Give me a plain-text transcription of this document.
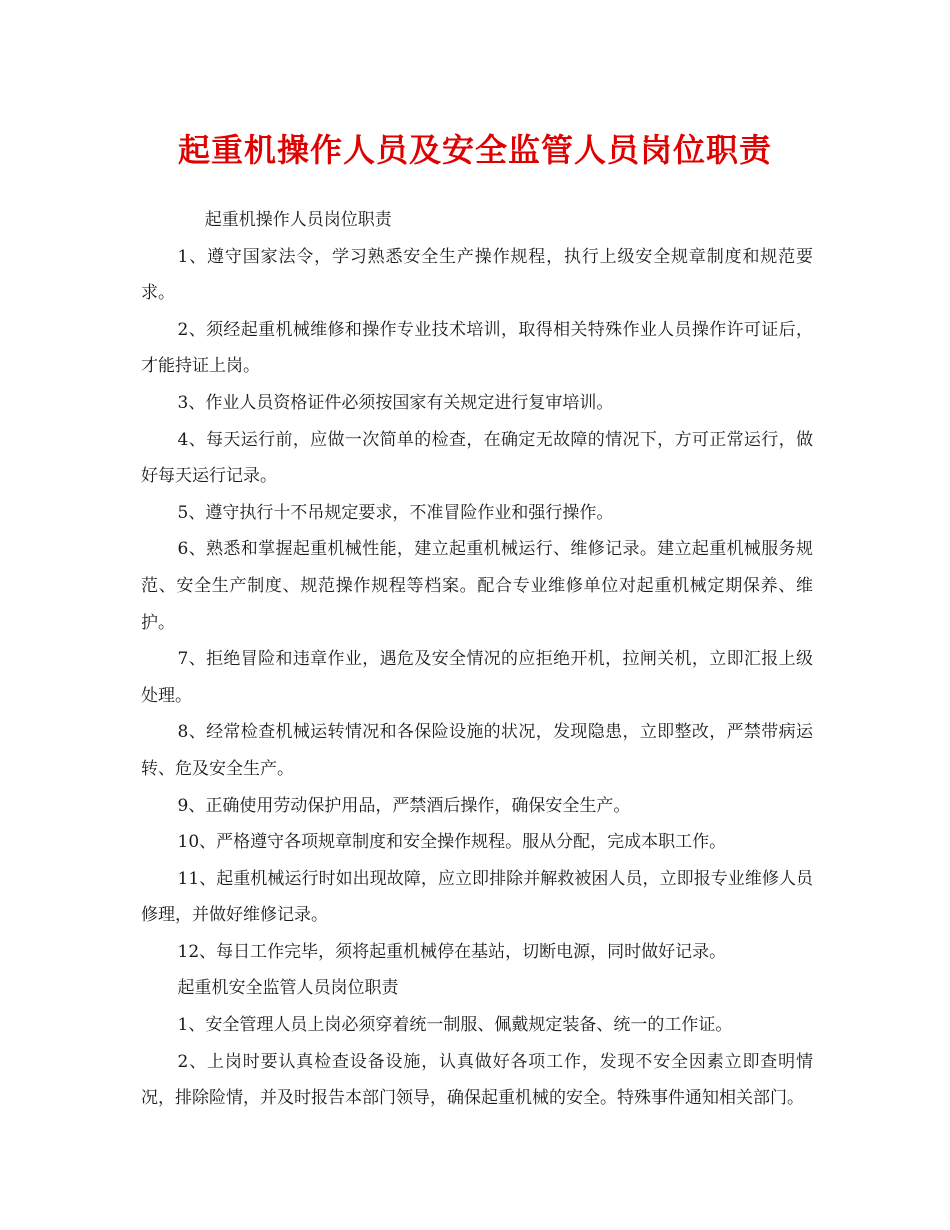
起重机操作人员及安全监管人员岗位职责

起重机操作人员岗位职责

1、遵守国家法令，学习熟悉安全生产操作规程，执行上级安全规章制度和规范要求。

2、须经起重机械维修和操作专业技术培训，取得相关特殊作业人员操作许可证后，才能持证上岗。

3、作业人员资格证件必须按国家有关规定进行复审培训。

4、每天运行前，应做一次简单的检查，在确定无故障的情况下，方可正常运行，做好每天运行记录。

5、遵守执行十不吊规定要求，不准冒险作业和强行操作。

6、熟悉和掌握起重机械性能，建立起重机械运行、维修记录。建立起重机械服务规范、安全生产制度、规范操作规程等档案。配合专业维修单位对起重机械定期保养、维护。

7、拒绝冒险和违章作业，遇危及安全情况的应拒绝开机，拉闸关机，立即汇报上级处理。

8、经常检查机械运转情况和各保险设施的状况，发现隐患，立即整改，严禁带病运转、危及安全生产。

9、正确使用劳动保护用品，严禁酒后操作，确保安全生产。

10、严格遵守各项规章制度和安全操作规程。服从分配，完成本职工作。

11、起重机械运行时如出现故障，应立即排除并解救被困人员，立即报专业维修人员修理，并做好维修记录。

12、每日工作完毕，须将起重机械停在基站，切断电源，同时做好记录。

起重机安全监管人员岗位职责

1、安全管理人员上岗必须穿着统一制服、佩戴规定装备、统一的工作证。

2、上岗时要认真检查设备设施，认真做好各项工作，发现不安全因素立即查明情况，排除险情，并及时报告本部门领导，确保起重机械的安全。特殊事件通知相关部门。
